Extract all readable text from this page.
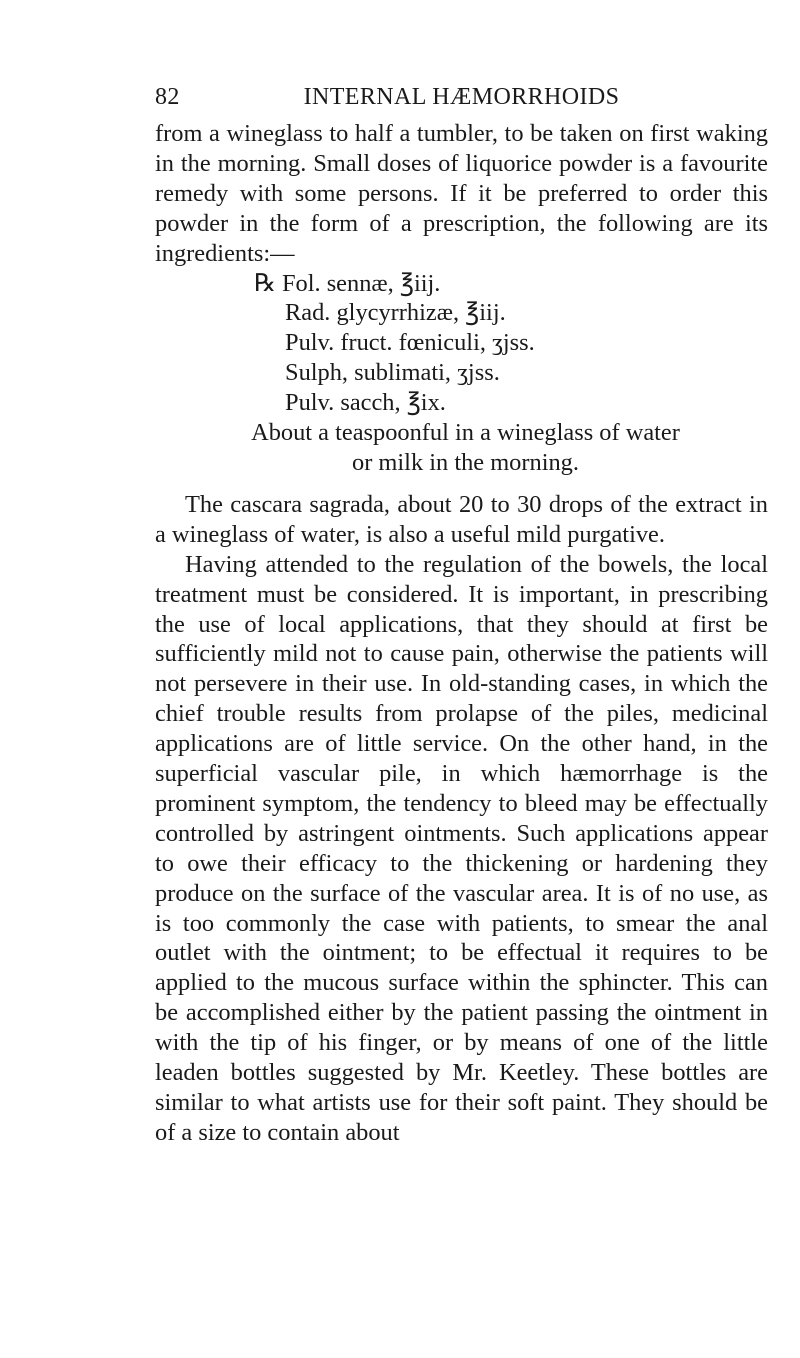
82	INTERNAL HÆMORRHOIDS

from a wineglass to half a tumbler, to be taken on first waking in the morning. Small doses of liquorice powder is a favourite remedy with some persons. If it be preferred to order this powder in the form of a prescription, the following are its ingredients:—

℞ Fol. sennæ, ℥iij.
Rad. glycyrrhizæ, ℥iij.
Pulv. fruct. fœniculi, ʒjss.
Sulph, sublimati, ʒjss.
Pulv. sacch, ℥ix.

About a teaspoonful in a wineglass of water
or milk in the morning.

The cascara sagrada, about 20 to 30 drops of the extract in a wineglass of water, is also a useful mild purgative.

Having attended to the regulation of the bowels, the local treatment must be considered. It is important, in prescribing the use of local applications, that they should at first be sufficiently mild not to cause pain, otherwise the patients will not persevere in their use. In old-standing cases, in which the chief trouble results from prolapse of the piles, medicinal applications are of little service. On the other hand, in the superficial vascular pile, in which hæmorrhage is the prominent symptom, the tendency to bleed may be effectually controlled by astringent ointments. Such applications appear to owe their efficacy to the thickening or hardening they produce on the surface of the vascular area. It is of no use, as is too commonly the case with patients, to smear the anal outlet with the ointment; to be effectual it requires to be applied to the mucous surface within the sphincter. This can be accomplished either by the patient passing the ointment in with the tip of his finger, or by means of one of the little leaden bottles suggested by Mr. Keetley. These bottles are similar to what artists use for their soft paint. They should be of a size to contain about
